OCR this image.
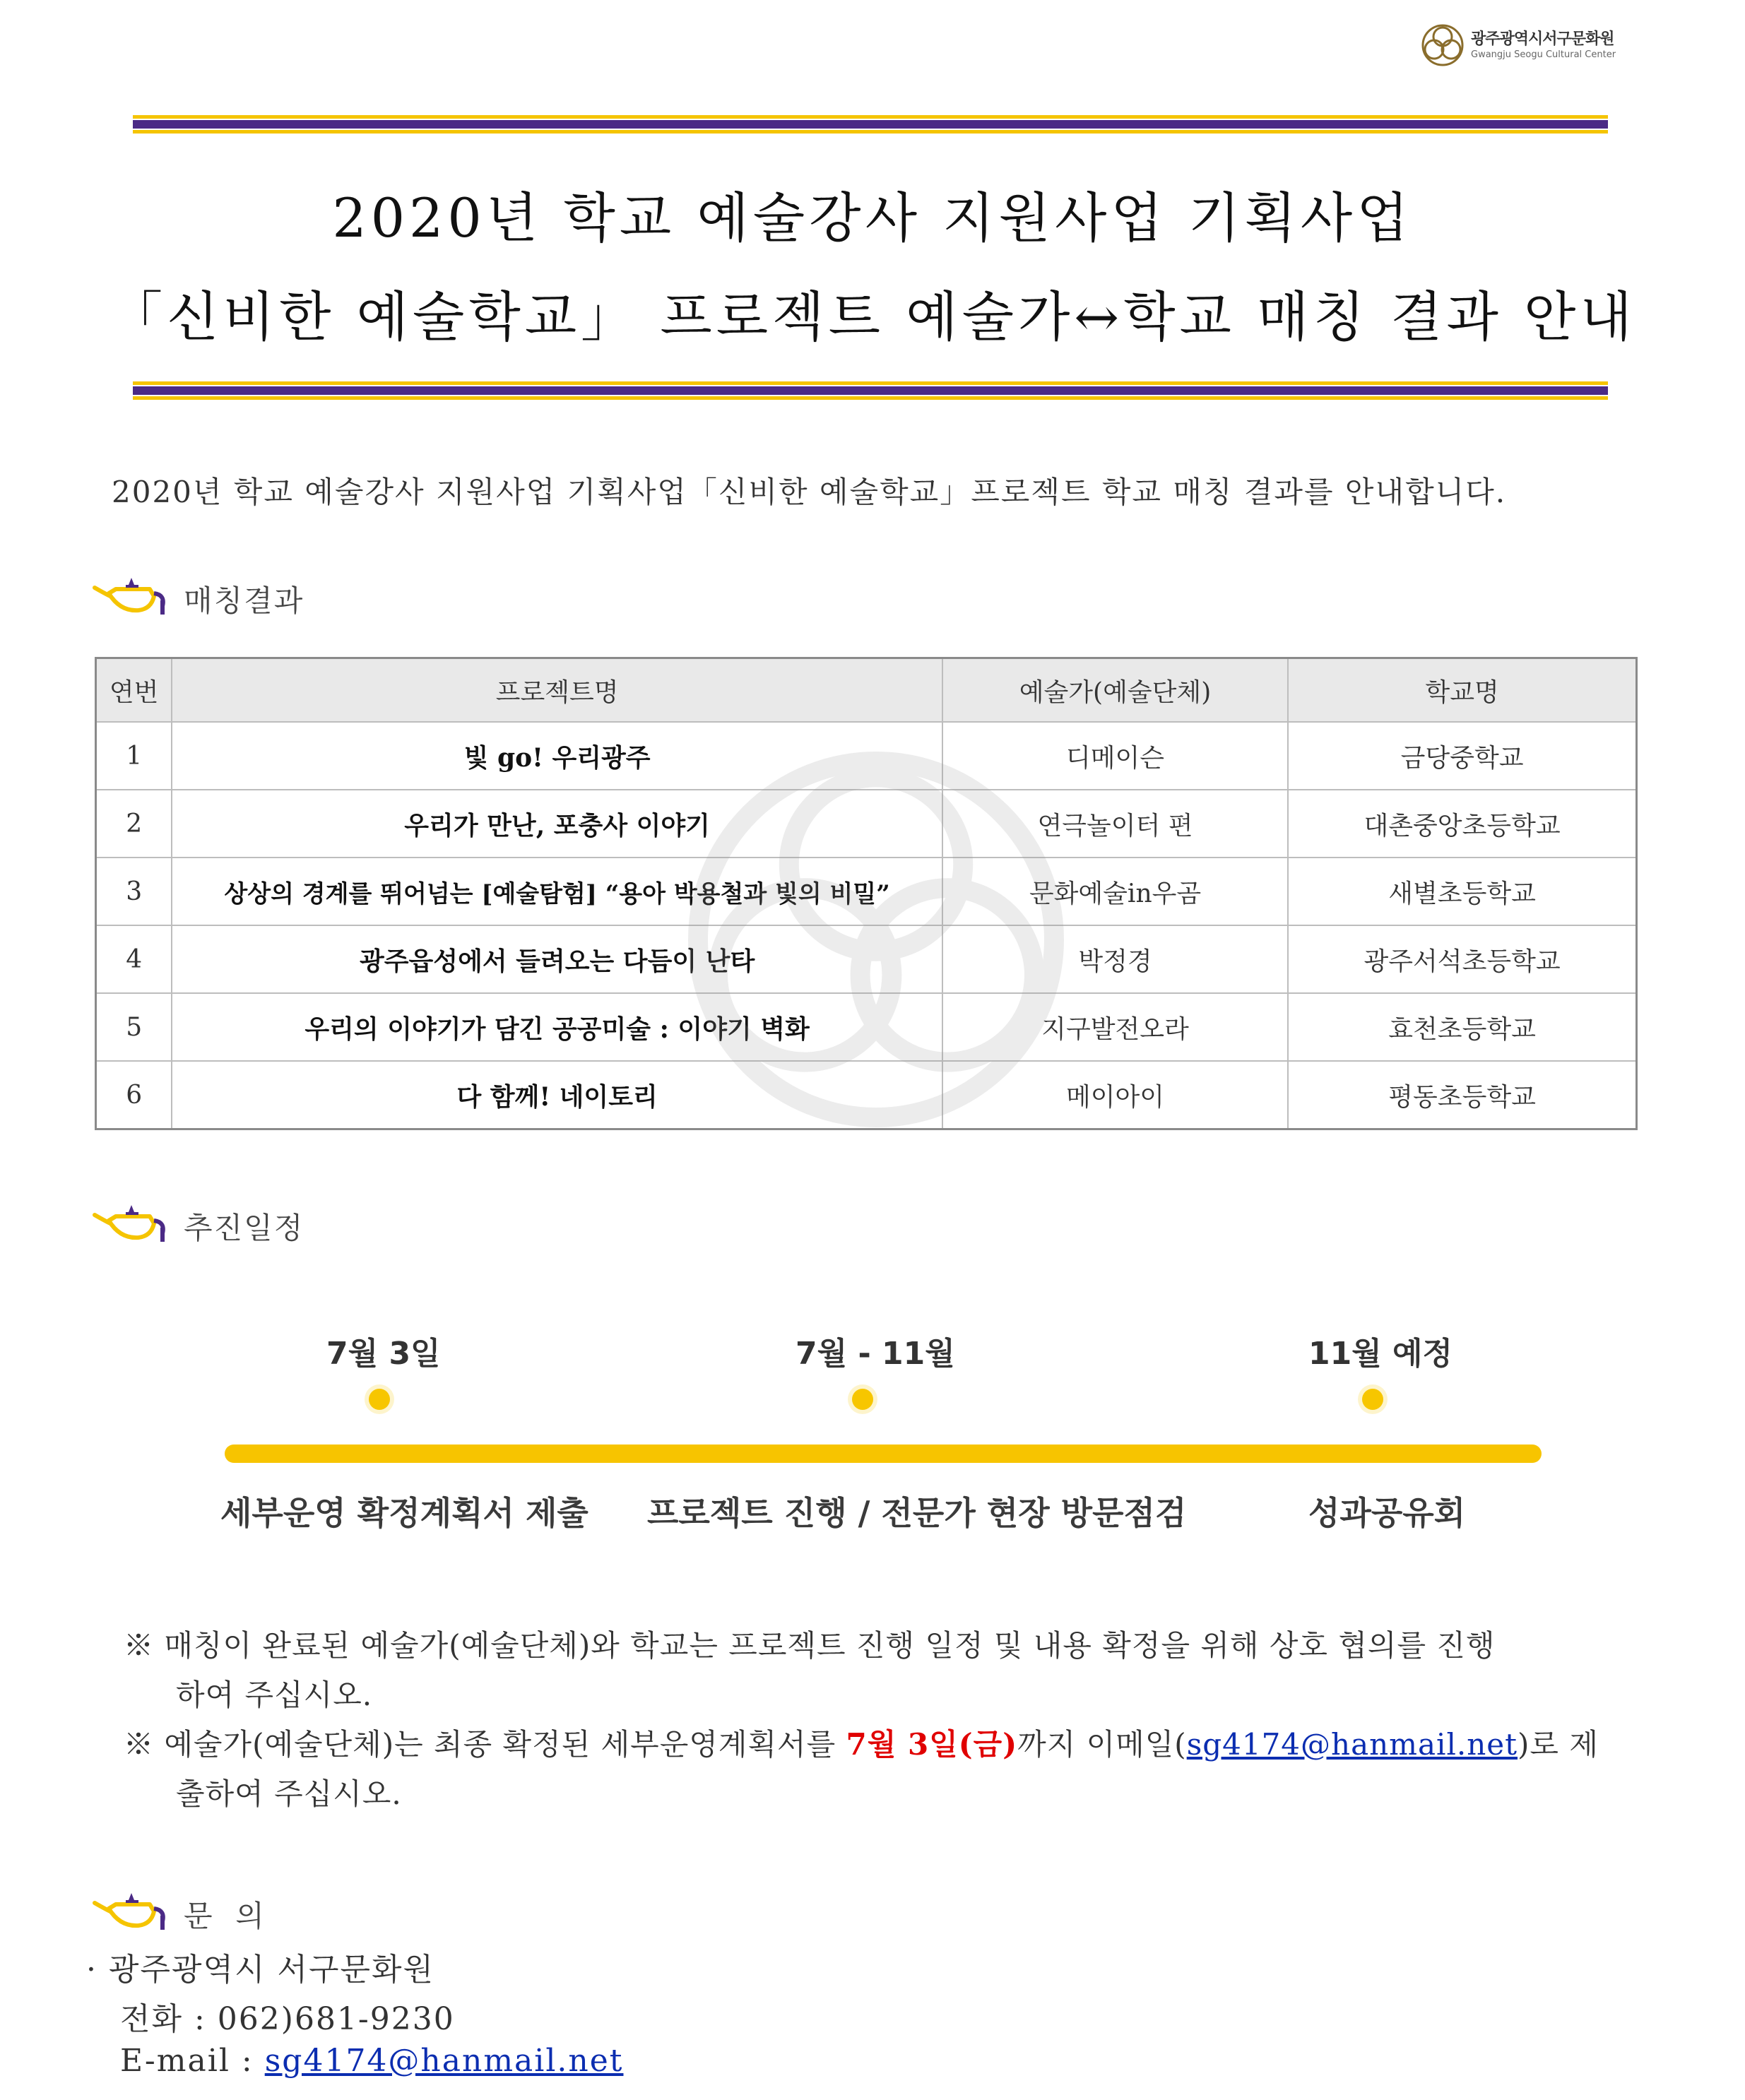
광주광역시서구문화원
Gwangju Seogu Cultural Center
2020년 학교 예술강사 지원사업 기획사업
「신비한 예술학교」 프로젝트 예술가↔학교 매칭 결과 안내
2020년 학교 예술강사 지원사업 기획사업「신비한 예술학교」프로젝트 학교 매칭 결과를 안내합니다.
매칭결과
연번	프로젝트명	예술가(예술단체)	학교명
1	빛 go! 우리광주	디메이슨	금당중학교
2	우리가 만난, 포충사 이야기	연극놀이터 편	대촌중앙초등학교
3	상상의 경계를 뛰어넘는 [예술탐험] “용아 박용철과 빛의 비밀”	문화예술in우곰	새별초등학교
4	광주읍성에서 들려오는 다듬이 난타	박정경	광주서석초등학교
5	우리의 이야기가 담긴 공공미술 : 이야기 벽화	지구발전오라	효천초등학교
6	다 함께! 네이토리	메이아이	평동초등학교
추진일정
7월 3일	7월 - 11월	11월 예정
세부운영 확정계획서 제출 프로젝트 진행 / 전문가 현장 방문점검	성과공유회
※ 매칭이 완료된 예술가(예술단체)와 학교는 프로젝트 진행 일정 및 내용 확정을 위해 상호 협의를 진행
하여 주십시오.
※ 예술가(예술단체)는 최종 확정된 세부운영계획서를 7월 3일(금)까지 이메일(sg4174@hanmail.net)로 제
출하여 주십시오.
문  의
· 광주광역시 서구문화원
전화 : 062)681-9230
E-mail : sg4174@hanmail.net
